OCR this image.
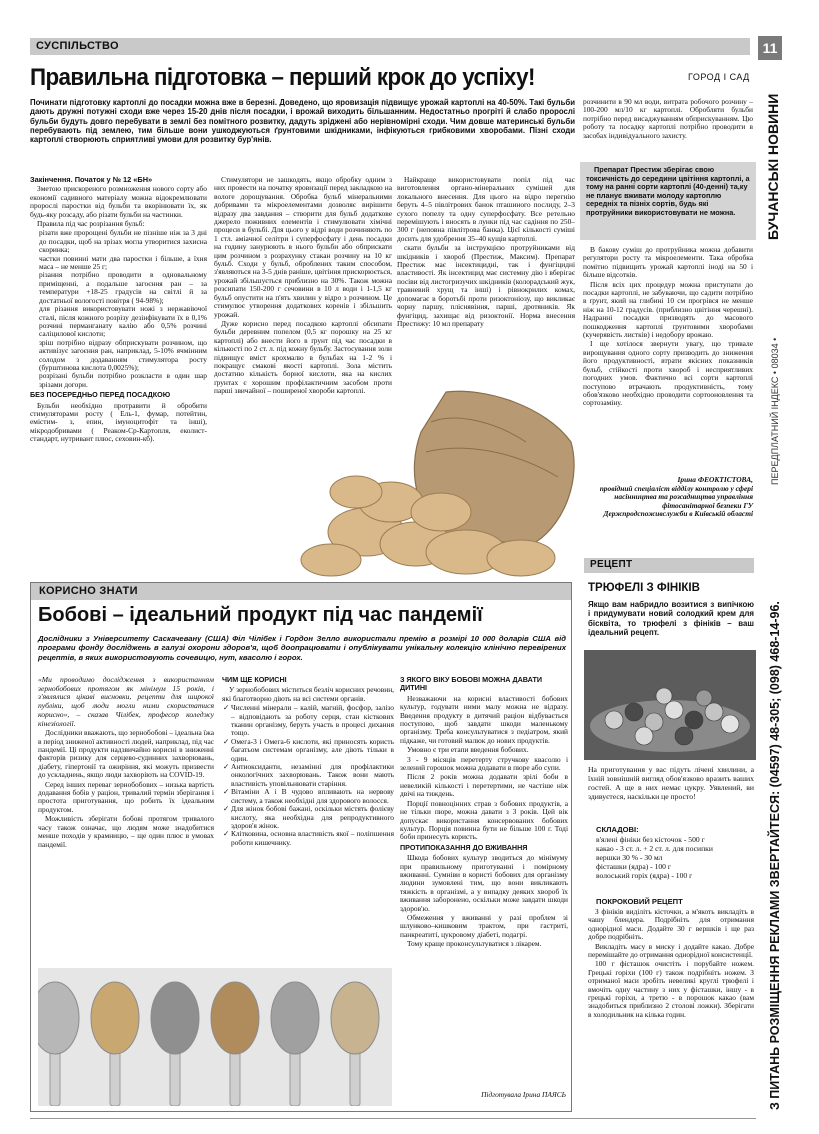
СУСПІЛЬСТВО	11
Правильна підготовка – перший крок до успіху!	ГОРОД І САД
БУЧАНСЬКІ НОВИНИ
ПЕРЕДПЛАТНИЙ ІНДЕКС • 08034 •
З ПИТАНЬ РОЗМІЩЕННЯ РЕКЛАМИ ЗВЕРТАЙТЕСЯ: (04597) 48-305; (098) 468-14-96.
Починати підготовку картоплі до посадки можна вже в березні. Доведено, що яровизація підвищує урожай картоплі на 40-50%. Такі бульби дають дружні потужні сходи вже через 15-20 днів після посадки, і врожай виходить більшанним. Недостатньо прогріті й слабо пророслі бульби будуть довго перебувати в землі без помітного розвитку, дадуть зріджені або нерівномірні сходи. Чим довше материнські бульби перебувають під землею, тим більше вони ушкоджуються ґрунтовими шкідниками, інфікуються грибковими хворобами. Пізні сходи картоплі створюють сприятливі умови для розвитку бур'янів.
Закінчення. Початок у № 12 «БН»

Зметою прискореного розмноження нового сорту або економії садивного матеріалу можна відокремлювати пророслі паростки від бульби та вкорінювати їх, як будь-яку розсаду, або різати бульби на частинки.

Правила під час розрізання бульб:

• різати вже пророщені бульби не пізніше ніж за 3 дні до посадки, щоб на зрізах могла утворитися захисна скоринка;
• частки повинні мати два паростки і більше, а їхня маса – не менше 25 г;
• різання потрібно проводити в одновальному приміщенні, а подальше загоєння ран – за температури +18-25 градусів на світлі й за достатньої вологості повітря ( 94-98%);
• для різання використовувати ножі з нержавіючої сталі, після кожного розрізу дезінфікувати їх в 0,1% розчині перманганату калію або 0,5% розчині саліцилової кислоти;
• зріш потрібно відразу обприскувати розчином, що активізує загоєння ран, наприклад, 5-10% ячмінним солодом з додаванням стимулятора росту (бурштинова кислота 0,0025%);
• розрізані бульби потрібно розкласти в один шар зрізами догори.
БЕЗ ПОСЕРЕДНЬО ПЕРЕД ПОСАДКОЮ

Бульби необхідно протравити й обробити стимуляторами росту ( Ель-1, фумар, потейтин, емістим- з, епин, імуноцитофіт та інші), мікродобривами ( Реаком-Ср-Картопля, еколист-стандарт, нутривант плюс, сеховин-кб).

Стимулятори не зашкодять, якщо обробку одним з них провести на початку яровизації перед закладкою на вологе дорощування. Обробка бульб мінеральними добривами та мікроелементами дозволяє вирішити відразу два завдання – створити для бульб додаткове джерело поживних елементів і стимулювати хімічні процеси в бульбі. Для цього у відрі води розчиняють по 1 стл. аміачної селітри і суперфосфату і день посадки на годину занурюють в нього бульби або обприскати цим розчином з розрахунку стакан розчину на 10 кг бульб. Сходи у бульб, оброблених таким способом, з'являються на 3-5 днів раніше, цвітіння прискорюється, урожай збільшується приблизно на 30%. Також можна розсипати 150-200 г сечовини в 10 л води і 1-1,5 кг бульб опустити на п'ять хвилин у відро з розчином. Це стимулює утворення додаткових коренів і збільшить урожай.

Дуже корисно перед посадкою картоплі обсипати бульби деревним попелом (0,5 кг порошку на 25 кг картоплі) або внести його в ґрунт під час посадки в кількості по 2 ст. л. під кожну бульбу. Застосування золи підвищує вміст крохмалю в бульбах на 1-2 % і покращує смакові якості картоплі. Зола містить достатню кількість борної кислоти, яка на кислих ґрунтах є хорошим профілактичним засобом проти парші звичайної – поширеної хвороби картоплі.

Найкраще використовувати попіл під час виготовлення органо-мінеральних сумішей для локального внесення. Для цього на відро перегнію беруть 4–5 півлітрових банок пташиного послиду, 2–3 сухого попелу та одну суперфосфату. Все ретельно перемішують і вносять в лунки під час садіння по 250–300 г (неповна півлітрова банка). Цієї кількості суміші досить для удобрення 35–40 кущів картоплі.

скати бульби за інструкцією протруйниками від шкідників і хвороб (Престиж, Максим). Препарат Престиж має інсектицидні, так і фунгіцидні властивості. Як інсектицид має системну дію і вберігає посіви від листогризучих шкідників (колорадський жук, травневий хрущ та інші) і рівнокрилих комах, допомагає в боротьбі проти ризоктоніозу, що викликає чорну паршу, пліснявіння, парші, дротяників. Як фунгіцид, захищає від ризоктонії. Норма внесення Престижу: 10 мл препарату

розчинити в 90 мл води, витрата робочого розчину –100-200 мл/10 кг картоплі. Обробляти бульби потрібно перед висаджуванням обприскуванням. Цю роботу та посадку картоплі потрібно проводити в засобах індивідуального захисту.

Препарат Престиж зберігає свою токсичність до середини цвітіння картоплі, а тому на ранні сорти картоплі (40-денні) та,ку не планує вживати молоду картоплю середніх та пізніх сортів, будь які протруйники використовувати не можна.

В бакову суміш до протруйника можна добавити регулятори росту та мікроелементи. Така обробка помітно підвищить урожай картоплі іноді на 50 і більше відсотків.

Після всіх цих процедур можна приступати до посадки картоплі, не забуваючи, що садити потрібно в ґрунт, який на глибині 10 см прогрівся не менше ніж на 10-12 градусів. (приблизно цвітіння черешні). Надранні посадки призводять до масового пошкодження картоплі ґрунтовими хворобами (кучерявість листків) і недобору врожаю.

І ще хотілося звернути увагу, що тривале вирощування одного сорту призводить до зниження його продуктивності, втрати якісних показників бульб, стійкості проти хвороб і несприятливих погодних умов. Фактично всі сорти картоплі поступово втрачають продуктивність, тому обов'язково необхідно проводити сортооновлення та сортозаміну.

Ірина ФЕОКТІСТОВА,
провідний спеціаліст відділу контролю у сфері насінництва та розсадництва управління фітосанітарної безпеки ГУ Держпродспоживслужби в Київській області
КОРИСНО ЗНАТИ
Бобові – ідеальний продукт під час пандемії
Дослідники з Університету Саскачевану (США) Філ Чілібек і Гордон Зелло використали премію в розмірі 10 000 доларів США від програми фонду досліджень в галузі охорони здоров'я, щоб доопрацювати і опублікувати унікальну колекцію клінічно перевірених рецептів, в яких використовують сочевицю, нут, квасолю і горох.

«Ми проводимо дослідження з використанням зернобобових протягом як мінімум 15 років, і з'являлися цікаві висновки, рецепти для широкої публіки, щоб люди могли ними скористатися корисно», – сказав Чілібек, професор коледжу кінезіології.

Дослідники вважають, що зернобобові – ідеальна їжа в період зниженої активності людей, наприклад, під час пандемії. Ці продукти надзвичайно корисні в зниженні факторів ризику для серцево-судинних захворювань, діабету, гіпертонії та ожиріння, які можуть призвести до ускладнень, якщо люди захворіють на COVID-19.

Серед інших переваг зернобобових – низька вартість додавання бобів у раціон, тривалий термін зберігання і простота приготування, що робить їх ідеальним продуктом.

Можливість зберігати бобові протягом тривалого часу також означає, що людям може знадобитися менше походів у крамницю, – ще один плюс в умовах пандемії.

ЧИМ ЩЕ КОРИСНІ

У зернобобових міститься безліч корисних речовин, які благотворно діють на всі системи органів.

✓ Численні мінерали – калій, магній, фосфор, залізо – відповідають за роботу серця, стан кісткових тканин організму, беруть участь в процесі дихання тощо.
✓ Омега-3 і Омега-6 кислоти, які приносять користь багатьом системам організму, але діють тільки в один.
✓ Антиоксиданти, незамінні для профілактики онкологічних захворювань. Також вони мають властивість уповільнювати старіння.
✓ Вітаміни А і В чудово впливають на нервову систему, а також необхідні для здорового волосся.
✓ Для жінок бобові бажані, оскільки містять фолієву кислоту, яка необхідна для репродуктивного здоров'я жінок.
✓ Клітковина, основна властивість якої – поліпшення роботи кишечнику.
З ЯКОГО ВІКУ БОБОВІ МОЖНА ДАВАТИ ДИТИНІ

Незважаючи на корисні властивості бобових культур, годувати ними малу можна не відразу. Введення продукту в дитячий раціон відбувається поступово, щоб завдати шкоди маленькому організму. Треба консультуватися з педіатром, який підкаже, чи готовий малюк до нових продуктів.

Умовно є три етапи введення бобових.

3 - 9 місяців перетерту стручкову квасолю і зелений горошок можна додавати в пюре або супи.

Після 2 років можна додавати зрілі боби в невеликій кількості і перетертими, не частіше ніж двічі на тиждень.

Порції повноцінних страв з бобових продуктів, а не тільки пюре, можна давати з 3 років. Цей вік допускає використання консервованих бобових культур. Порція повинна бути не більше 100 г. Тоді боби принесуть користь.

ПРОТИПОКАЗАННЯ ДО ВЖИВАННЯ

Шкода бобових культур зводиться до мінімуму при правильному приготуванні і помірному вживанні. Сумніви в користі бобових для організму людини зумовлені тим, що вони викликають тяжкість в організмі, а у випадку деяких хвороб їх вживання заборонено, оскільки може завдати шкоди здоров'ю.

Обмеження у вживанні у разі проблем зі шлунково–кишковим трактом, при гастриті, панкреатиті, цукровому діабеті, подагрі.

Тому краще проконсультуватися з лікарем.

Підготувала Ірина ПАЯСЬ
РЕЦЕПТ
ТРЮФЕЛІ З ФІНІКІВ
Якщо вам набридло возитися з випічкою і придумувати новий солодкий крем для бісквіта, то трюфелі з фініків – ваш ідеальний рецепт.

На приготування у вас підуть лічені хвилини, а їхній зовнішній вигляд обов'язково вразить ваших гостей. А ще в них немає цукру. Уявлений, ви здивуєтеся, наскільки це просто!

СКЛАДОВІ:
в'ялені фініки без кісточок - 500 г
какао - 3 ст. л. + 2 ст. л. для посипки
вершки 30 % - 30 мл
фісташки (ядра) - 100 г
волоський горіх (ядра) - 100 г
ПОКРОКОВИЙ РЕЦЕПТ

З фініків виділіть кісточки, а м'якоть викладіть в чашу блендера. Подрібніть для отримання однорідної маси. Додайте 30 г вершків і ще раз добре подрібніть.

Викладіть масу в миску і додайте какао. Добре перемішайте до отримання однорідної консистенції.

100 г фісташок очистіть і порубайте ножем. Грецькі горіхи (100 г) також подрібніть ножем. З отриманої маси зробіть невеликі круглі трюфелі і вмочіть одну частину з них у фісташки, іншу - в грецькі горіхи, а третю - в порошок какао (вам знадобиться приблизно 2 столові ложки). Зберігати в холодильник на кілька годин.
